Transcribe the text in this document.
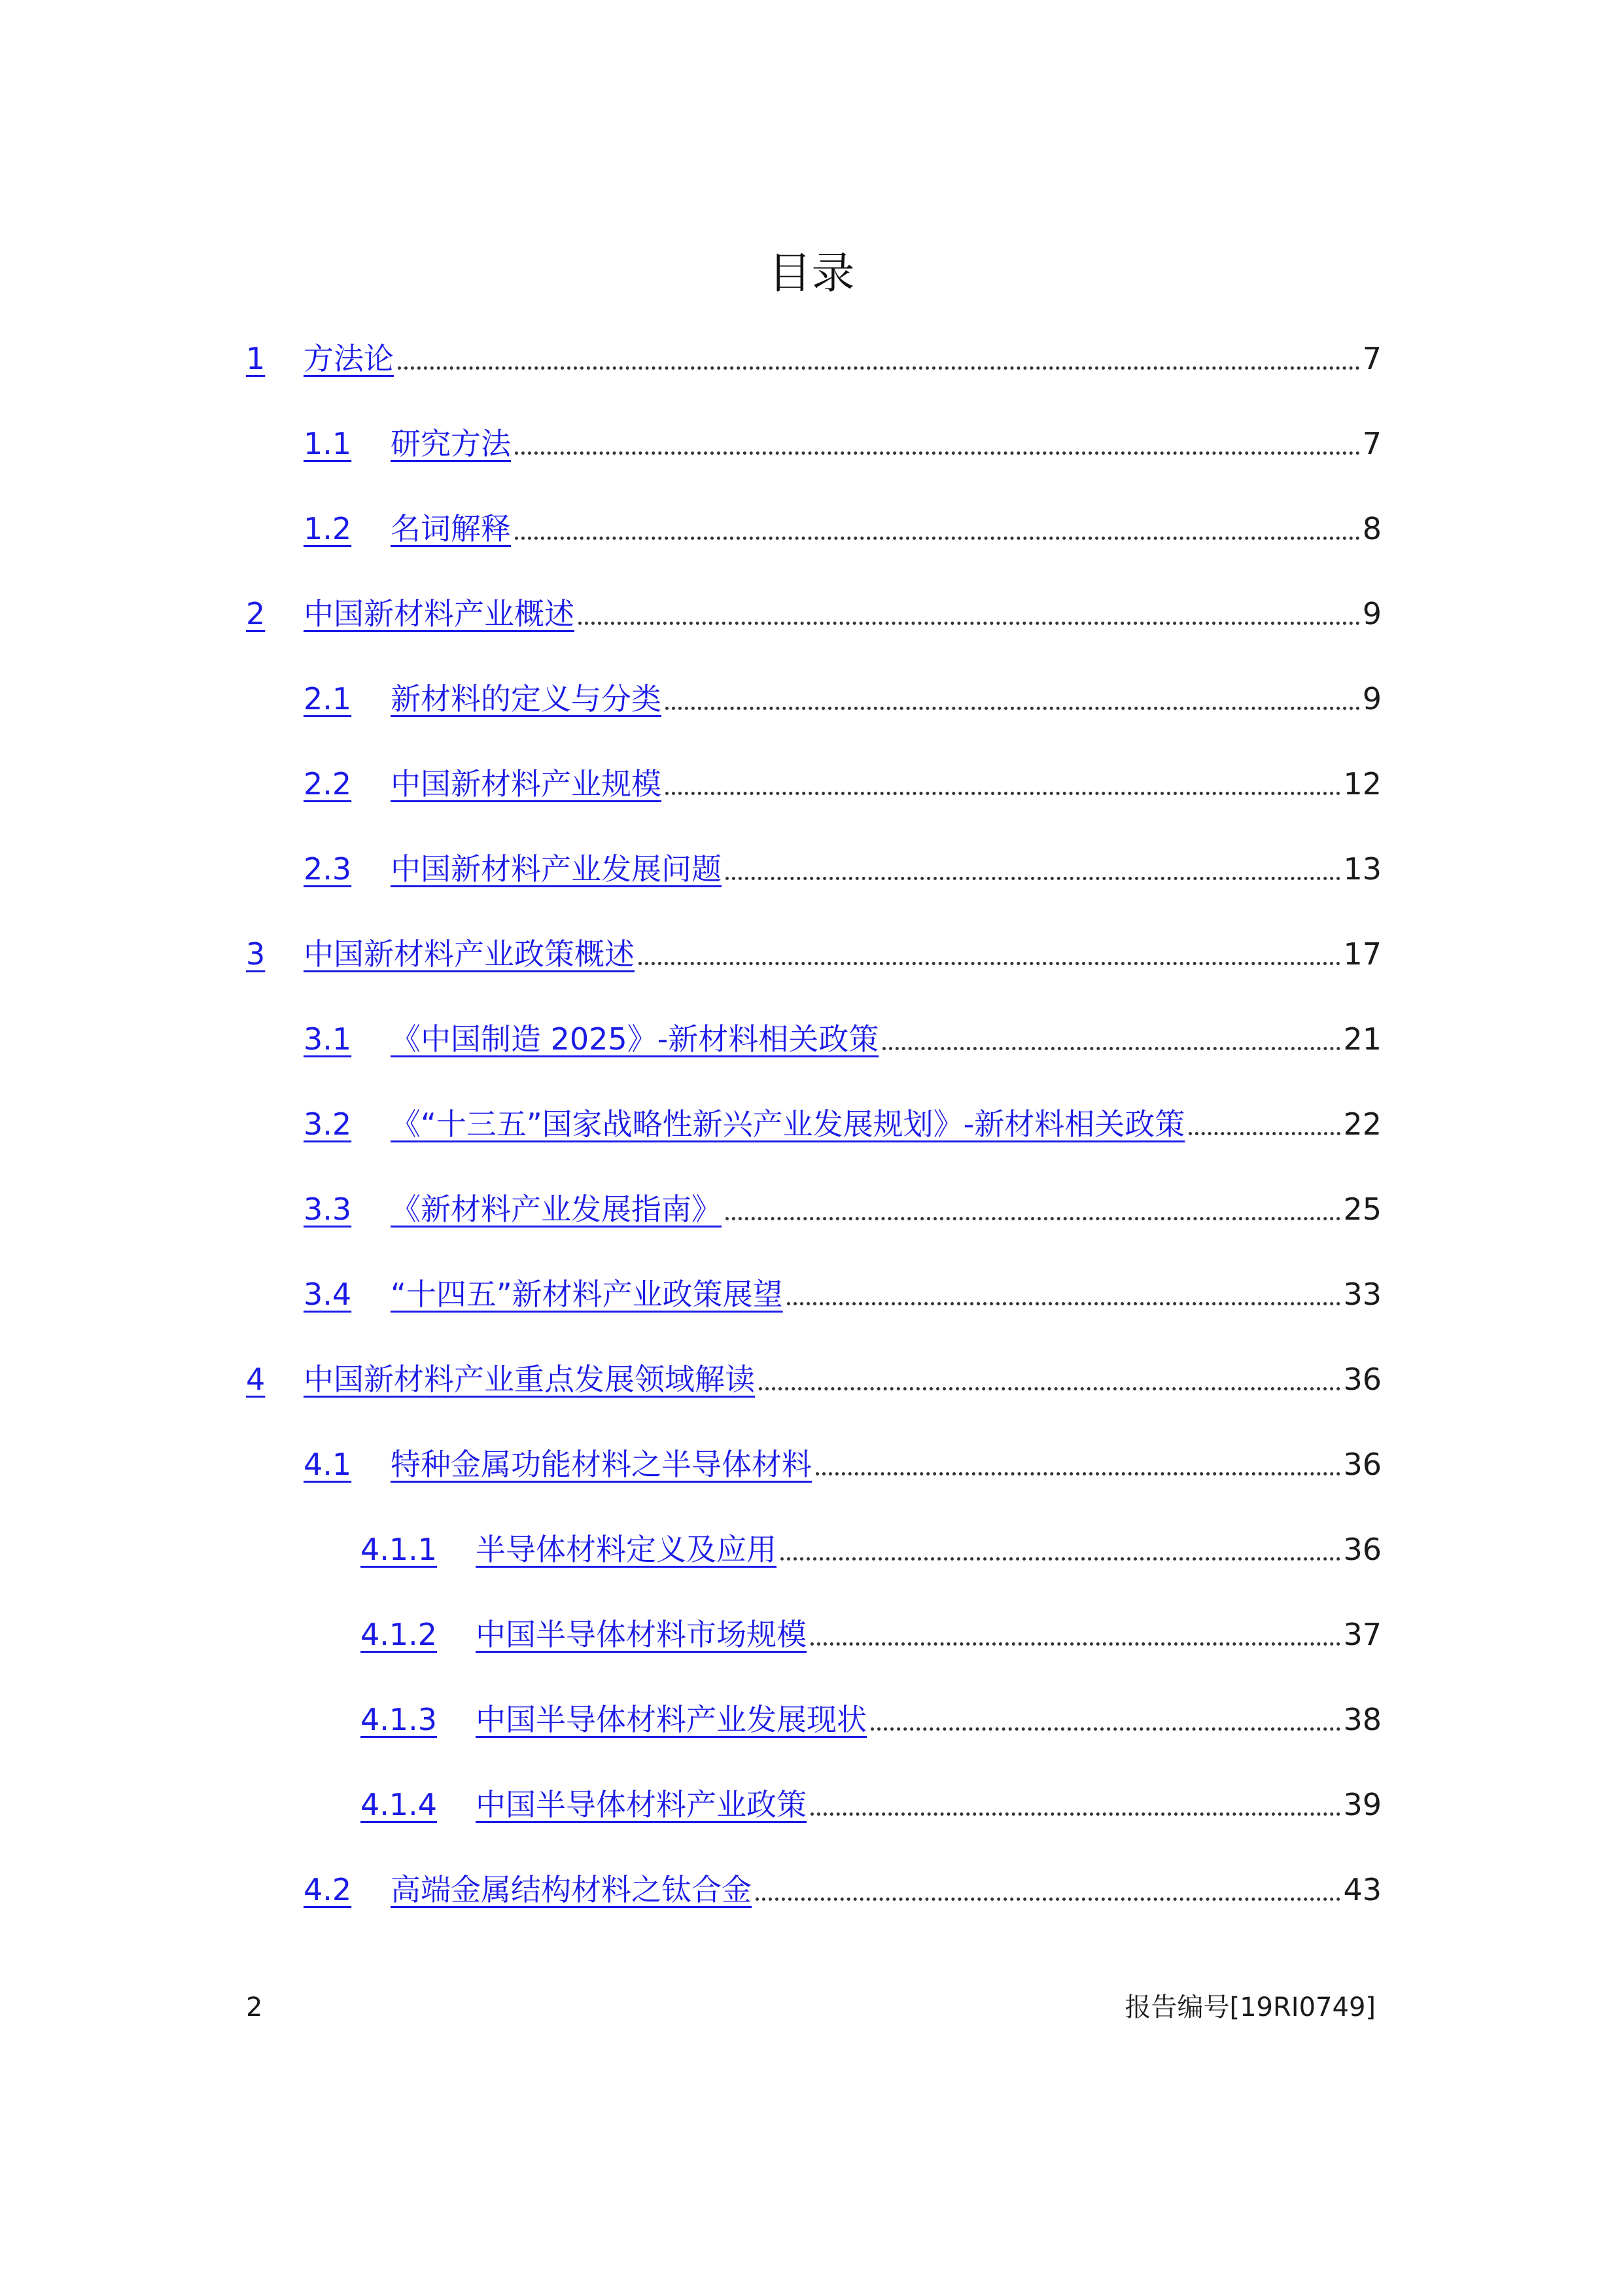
目录
1	方法论	7
1.1	研究方法	7
1.2	名词解释	8
2	中国新材料产业概述	9
2.1	新材料的定义与分类	9
2.2	中国新材料产业规模	12
2.3	中国新材料产业发展问题	13
3	中国新材料产业政策概述	17
3.1	《中国制造 2025》-新材料相关政策	21
3.2	《“十三五”国家战略性新兴产业发展规划》-新材料相关政策	22
3.3	《新材料产业发展指南》	25
3.4	“十四五”新材料产业政策展望	33
4	中国新材料产业重点发展领域解读	36
4.1	特种金属功能材料之半导体材料	36
4.1.1	半导体材料定义及应用	36
4.1.2	中国半导体材料市场规模	37
4.1.3	中国半导体材料产业发展现状	38
4.1.4	中国半导体材料产业政策	39
4.2	高端金属结构材料之钛合金	43
2	报告编号[19RI0749]
